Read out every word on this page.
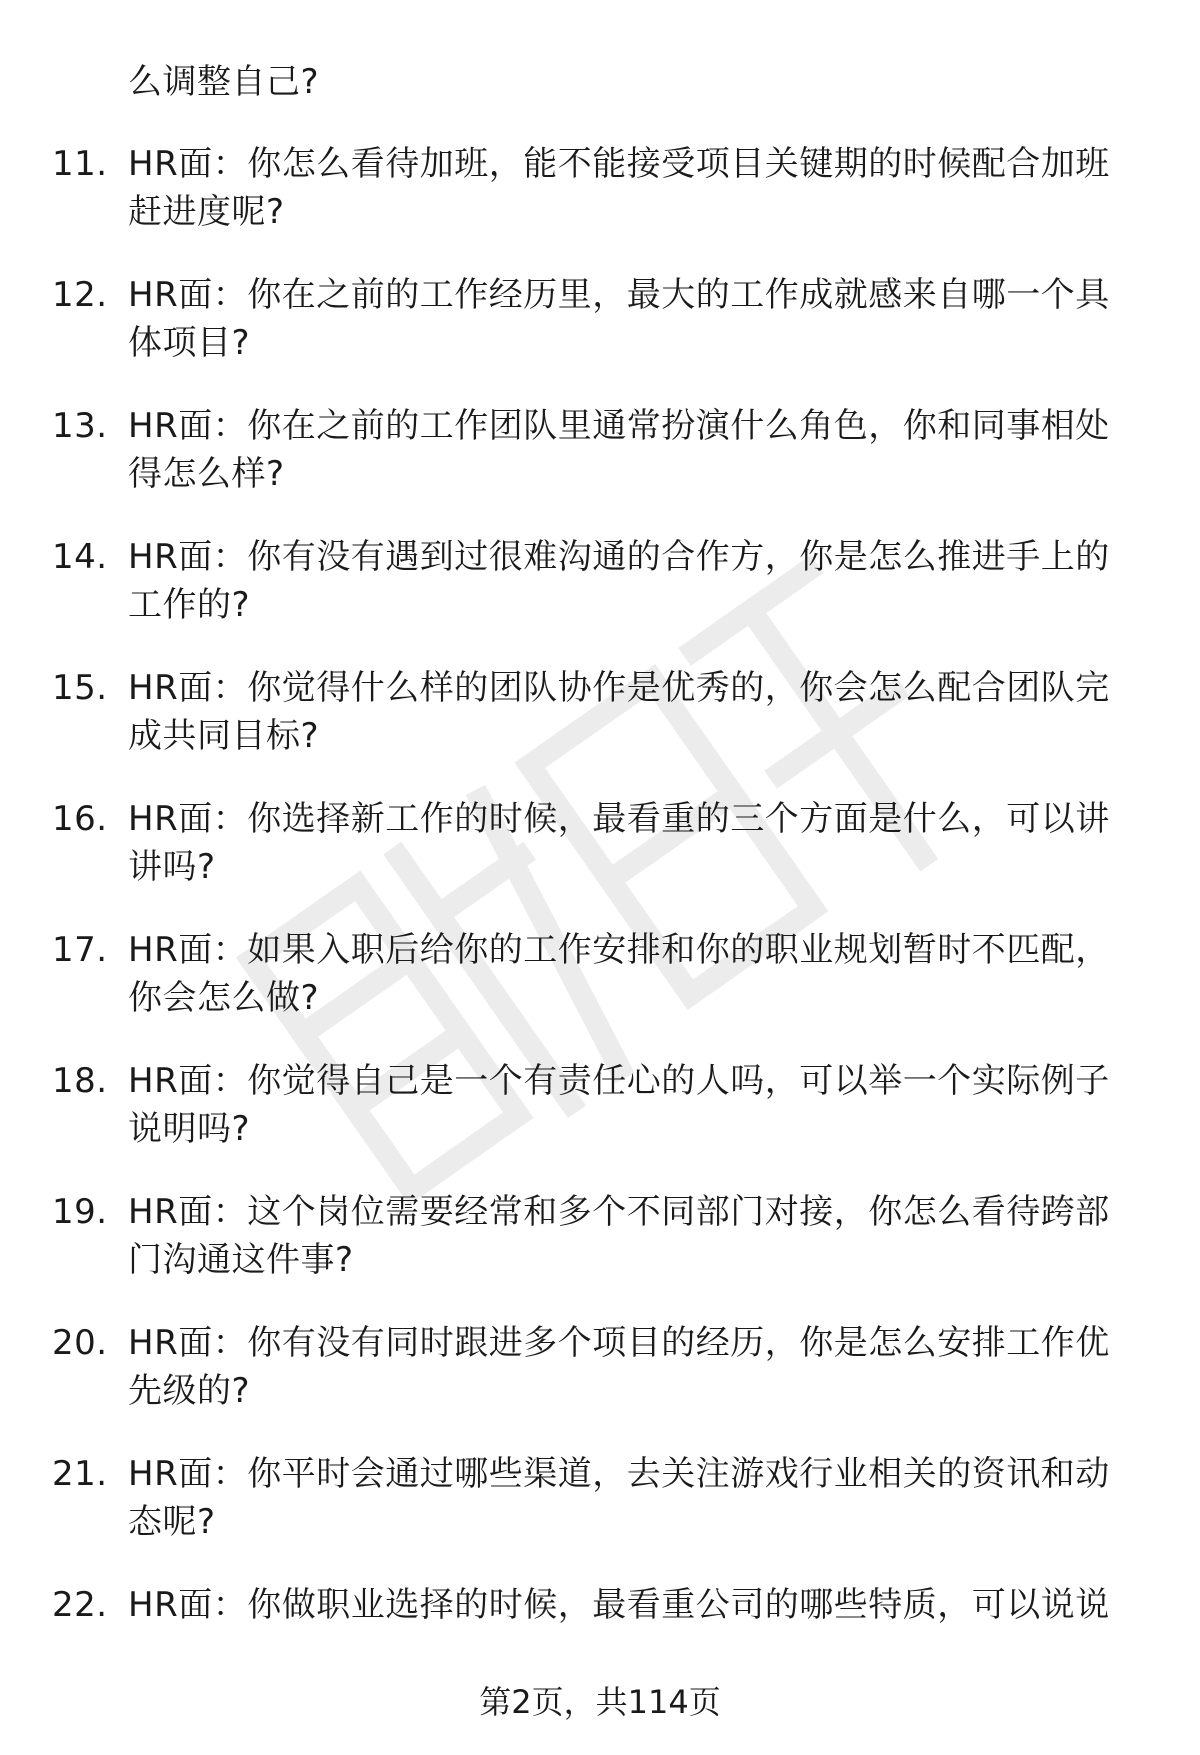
么调整自己?

11. HR面：你怎么看待加班，能不能接受项目关键期的时候配合加班
赶进度呢?
12. HR面：你在之前的工作经历里，最大的工作成就感来自哪一个具
体项目?
13. HR面：你在之前的工作团队里通常扮演什么角色，你和同事相处
得怎么样?
14. HR面：你有没有遇到过很难沟通的合作方，你是怎么推进手上的
工作的?
15. HR面：你觉得什么样的团队协作是优秀的，你会怎么配合团队完
成共同目标?
16. HR面：你选择新工作的时候，最看重的三个方面是什么，可以讲
讲吗?
17. HR面：如果入职后给你的工作安排和你的职业规划暂时不匹配，
你会怎么做?
18. HR面：你觉得自己是一个有责任心的人吗，可以举一个实际例子
说明吗?
19. HR面：这个岗位需要经常和多个不同部门对接，你怎么看待跨部
门沟通这件事?
20. HR面：你有没有同时跟进多个项目的经历，你是怎么安排工作优
先级的?
21. HR面：你平时会通过哪些渠道，去关注游戏行业相关的资讯和动
态呢?
22. HR面：你做职业选择的时候，最看重公司的哪些特质，可以说说
第2页，共114页
